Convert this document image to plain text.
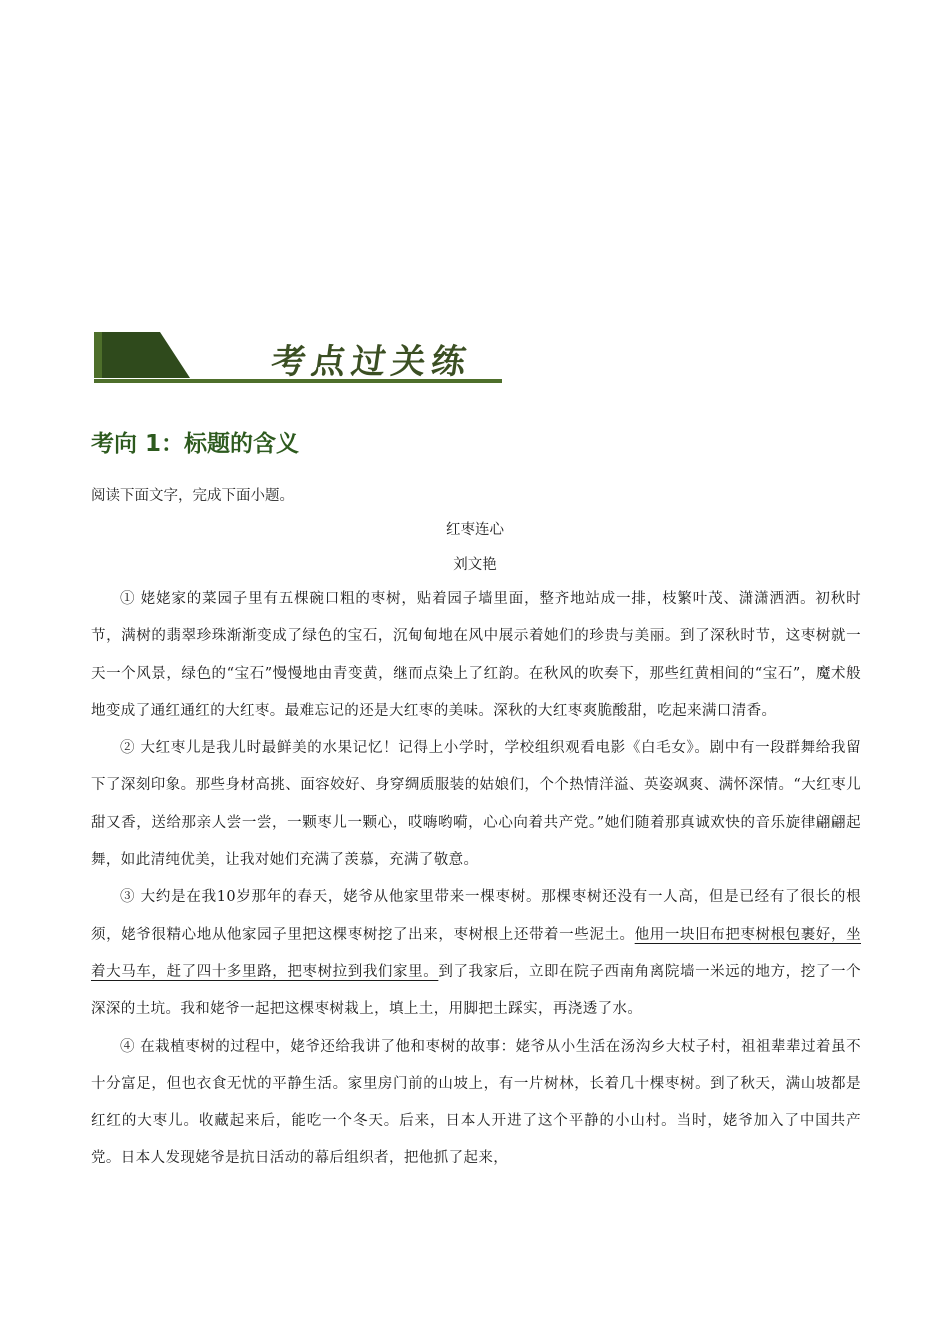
考点过关练
考向 1：标题的含义
阅读下面文字，完成下面小题。
红枣连心
刘文艳

① 姥姥家的菜园子里有五棵碗口粗的枣树，贴着园子墙里面，整齐地站成一排，枝繁叶茂、潇潇洒洒。初秋时节，满树的翡翠珍珠渐渐变成了绿色的宝石，沉甸甸地在风中展示着她们的珍贵与美丽。到了深秋时节，这枣树就一天一个风景，绿色的“宝石”慢慢地由青变黄，继而点染上了红韵。在秋风的吹奏下，那些红黄相间的“宝石”，魔术般地变成了通红通红的大红枣。最难忘记的还是大红枣的美味。深秋的大红枣爽脆酸甜，吃起来满口清香。

② 大红枣儿是我儿时最鲜美的水果记忆！记得上小学时，学校组织观看电影《白毛女》。剧中有一段群舞给我留下了深刻印象。那些身材高挑、面容姣好、身穿绸质服装的姑娘们，个个热情洋溢、英姿飒爽、满怀深情。“大红枣儿甜又香，送给那亲人尝一尝，一颗枣儿一颗心，哎嗨哟嗬，心心向着共产党。”她们随着那真诚欢快的音乐旋律翩翩起舞，如此清纯优美，让我对她们充满了羡慕，充满了敬意。

③ 大约是在我10岁那年的春天，姥爷从他家里带来一棵枣树。那棵枣树还没有一人高，但是已经有了很长的根须，姥爷很精心地从他家园子里把这棵枣树挖了出来，枣树根上还带着一些泥土。他用一块旧布把枣树根包裹好，坐着大马车，赶了四十多里路，把枣树拉到我们家里。到了我家后，立即在院子西南角离院墙一米远的地方，挖了一个深深的土坑。我和姥爷一起把这棵枣树栽上，填上土，用脚把土踩实，再浇透了水。

④ 在栽植枣树的过程中，姥爷还给我讲了他和枣树的故事：姥爷从小生活在汤沟乡大杖子村，祖祖辈辈过着虽不十分富足，但也衣食无忧的平静生活。家里房门前的山坡上，有一片树林，长着几十棵枣树。到了秋天，满山坡都是红红的大枣儿。收藏起来后，能吃一个冬天。后来，日本人开进了这个平静的小山村。当时，姥爷加入了中国共产党。日本人发现姥爷是抗日活动的幕后组织者，把他抓了起来，
